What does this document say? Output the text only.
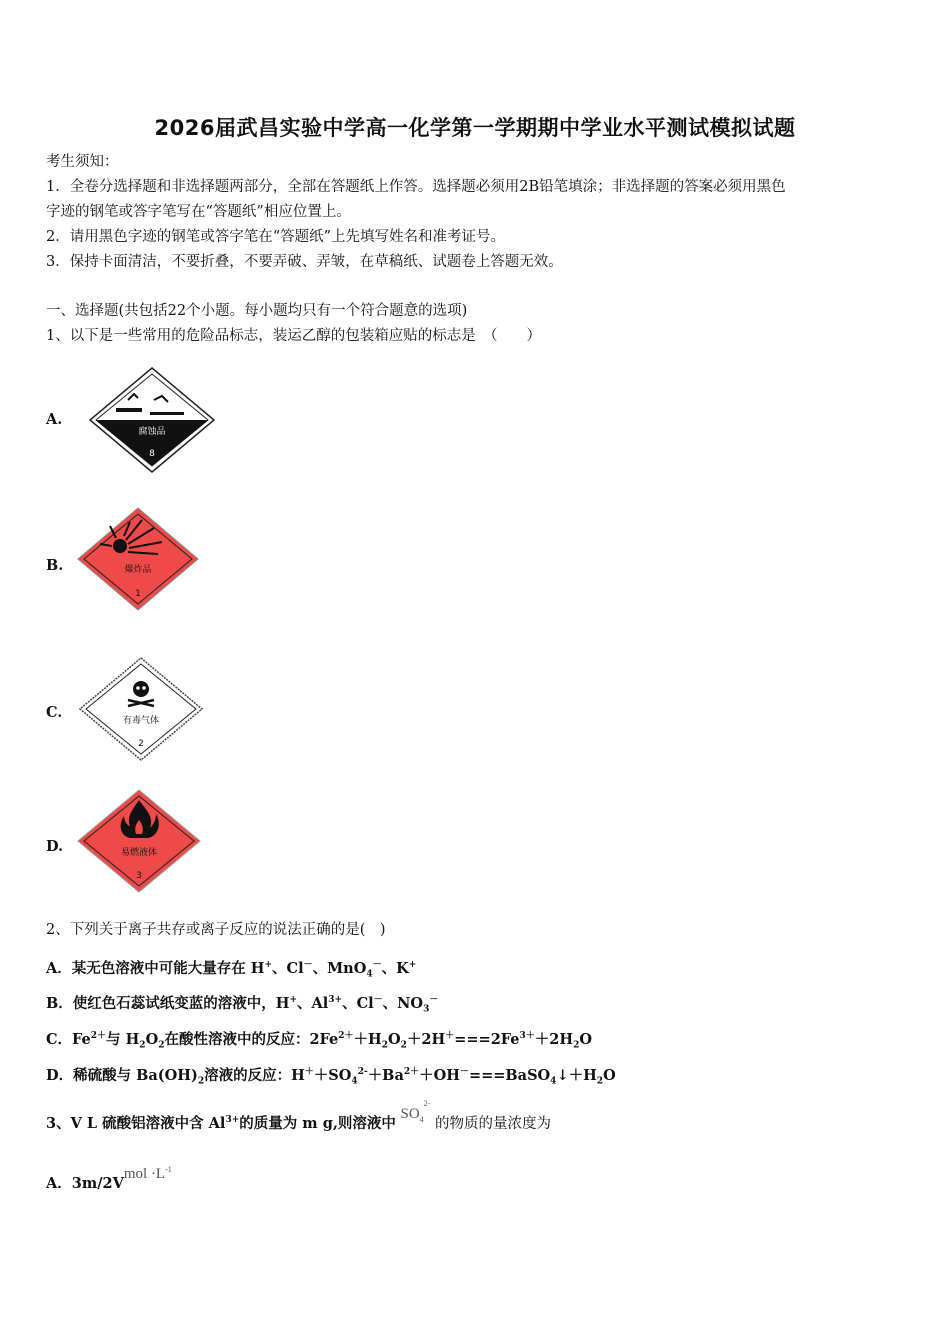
2026届武昌实验中学高一化学第一学期期中学业水平测试模拟试题
考生须知：
1．全卷分选择题和非选择题两部分，全部在答题纸上作答。选择题必须用2B铅笔填涂；非选择题的答案必须用黑色
字迹的钢笔或答字笔写在“答题纸”相应位置上。
2．请用黑色字迹的钢笔或答字笔在“答题纸”上先填写姓名和准考证号。
3．保持卡面清洁，不要折叠，不要弄破、弄皱，在草稿纸、试题卷上答题无效。
一、选择题(共包括22个小题。每小题均只有一个符合题意的选项)
1、以下是一些常用的危险品标志，装运乙醇的包装箱应贴的标志是　（　　）
A.
腐蚀品
8
B.	爆炸品
1
C.	有毒气体
2
D.	易燃液体
3
2、下列关于离子共存或离子反应的说法正确的是(　)
A．某无色溶液中可能大量存在 H+、Cl－、MnO$_4$－、K+
B．使红色石蕊试纸变蓝的溶液中，H+、$Al^{3+}$、Cl－、$NO_3^-$
C．$Fe^{2+}$与 $H_2O_2$在酸性溶液中的反应：$2Fe^{2+}+H_2O_2+2H^+===2Fe^{3+}+2H_2O$
D．稀硫酸与 $Ba(OH)_2$溶液的反应：$H^++SO_4^{2-}+Ba^{2+}+OH^-===BaSO_4↓+H_2O$
3、V L 硫酸铝溶液中含 $Al^{3+}$的质量为 m g,则溶液中 $SO_4^{2-}$ 的物质的量浓度为
A．3m/2Vmol $\cdot L^{-1}$
